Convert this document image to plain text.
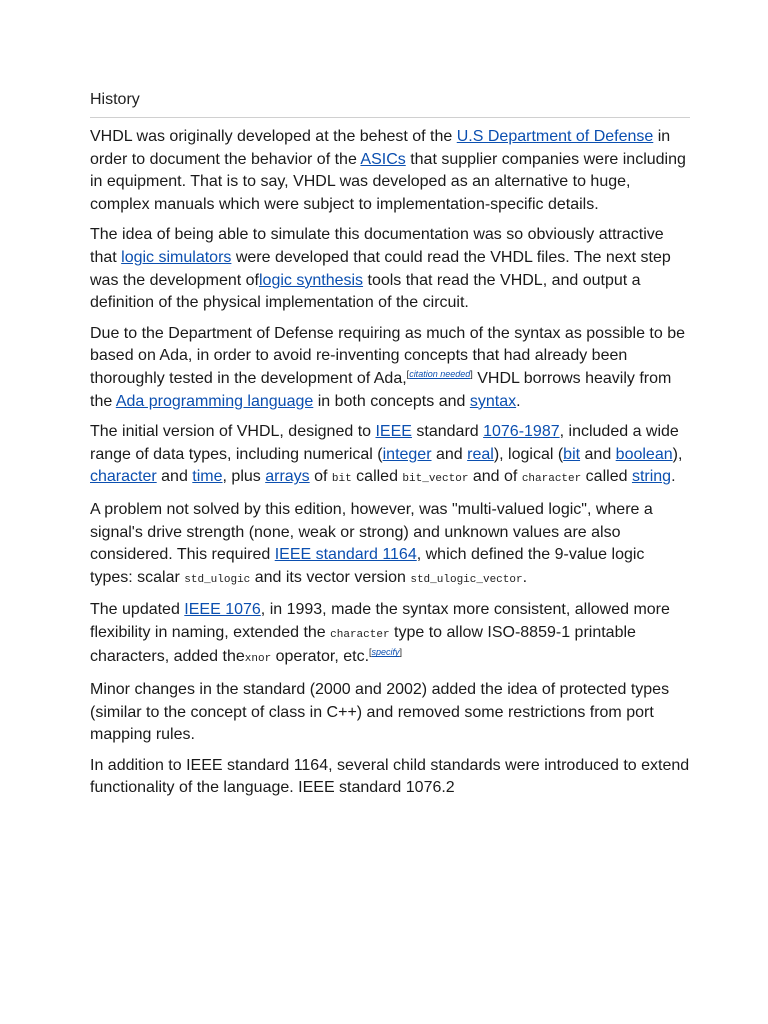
History

VHDL was originally developed at the behest of the U.S Department of Defense in order to document the behavior of the ASICs that supplier companies were including in equipment. That is to say, VHDL was developed as an alternative to huge, complex manuals which were subject to implementation-specific details.

The idea of being able to simulate this documentation was so obviously attractive that logic simulators were developed that could read the VHDL files. The next step was the development oflogic synthesis tools that read the VHDL, and output a definition of the physical implementation of the circuit.

Due to the Department of Defense requiring as much of the syntax as possible to be based on Ada, in order to avoid re-inventing concepts that had already been thoroughly tested in the development of Ada,[citation needed] VHDL borrows heavily from the Ada programming language in both concepts and syntax.

The initial version of VHDL, designed to IEEE standard 1076-1987, included a wide range of data types, including numerical (integer and real), logical (bit and boolean), character and time, plus arrays of bit called bit_vector and of character called string.

A problem not solved by this edition, however, was "multi-valued logic", where a signal's drive strength (none, weak or strong) and unknown values are also considered. This required IEEE standard 1164, which defined the 9-value logic types: scalar std_ulogic and its vector version std_ulogic_vector.

The updated IEEE 1076, in 1993, made the syntax more consistent, allowed more flexibility in naming, extended the character type to allow ISO-8859-1 printable characters, added thexnor operator, etc.[specify]

Minor changes in the standard (2000 and 2002) added the idea of protected types (similar to the concept of class in C++) and removed some restrictions from port mapping rules.

In addition to IEEE standard 1164, several child standards were introduced to extend functionality of the language. IEEE standard 1076.2
